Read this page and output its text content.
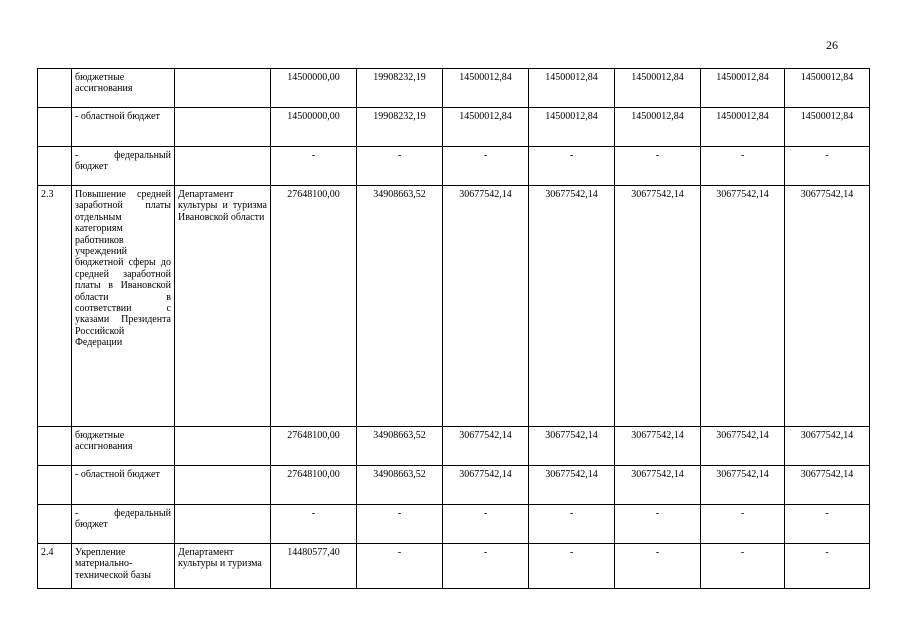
26
	бюджетные ассигнования		14500000,00	19908232,19	14500012,84	14500012,84	14500012,84	14500012,84	14500012,84
	- областной бюджет		14500000,00	19908232,19	14500012,84	14500012,84	14500012,84	14500012,84	14500012,84
	- федеральный бюджет		-	-	-	-	-	-	-
2.3	Повышение средней заработной платы отдельным категориям работников учреждений бюджетной сферы до средней заработной платы в Ивановской области в соответствии с указами Президента Российской Федерации	Департамент культуры и туризма Ивановской области	27648100,00	34908663,52	30677542,14	30677542,14	30677542,14	30677542,14	30677542,14
	бюджетные ассигнования		27648100,00	34908663,52	30677542,14	30677542,14	30677542,14	30677542,14	30677542,14
	- областной бюджет		27648100,00	34908663,52	30677542,14	30677542,14	30677542,14	30677542,14	30677542,14
	- федеральный бюджет		-	-	-	-	-	-	-
2.4	Укрепление материально-технической базы	Департамент культуры и туризма	14480577,40	-	-	-	-	-	-
